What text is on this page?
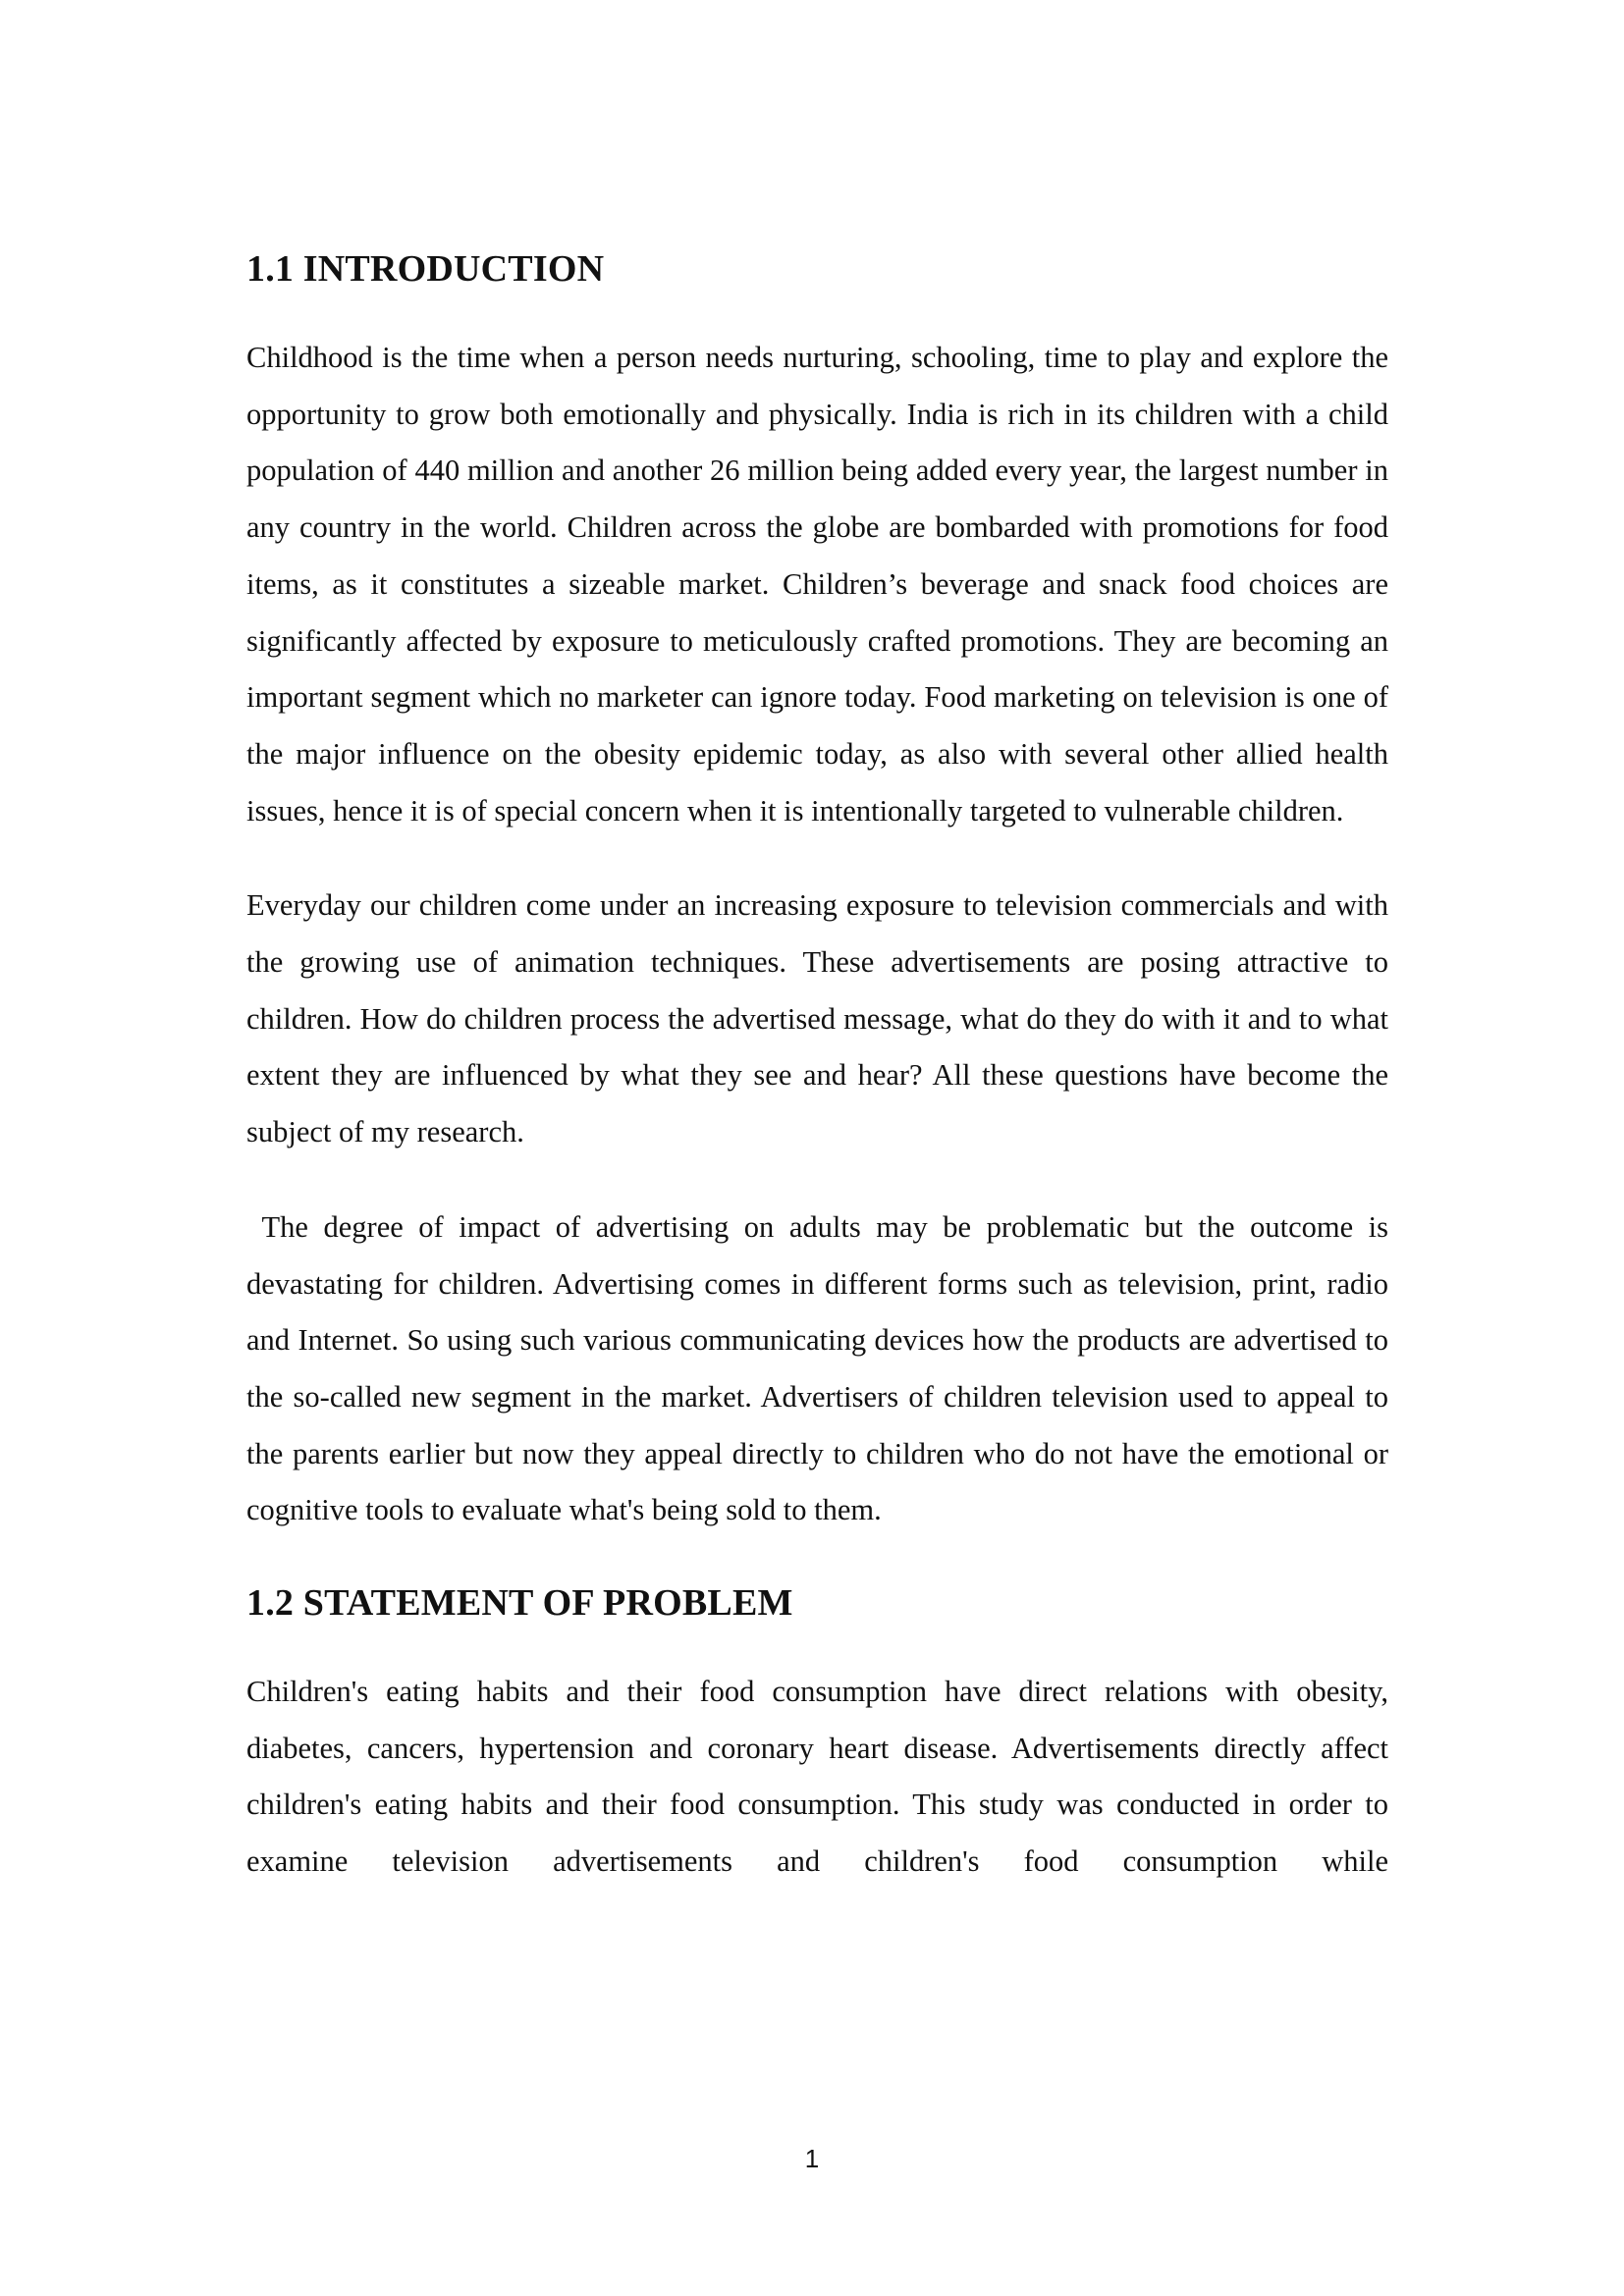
1.1 INTRODUCTION

Childhood is the time when a person needs nurturing, schooling, time to play and explore the opportunity to grow both emotionally and physically. India is rich in its children with a child population of 440 million and another 26 million being added every year, the largest number in any country in the world. Children across the globe are bombarded with promotions for food items, as it constitutes a sizeable market. Children’s beverage and snack food choices are significantly affected by exposure to meticulously crafted promotions. They are becoming an important segment which no marketer can ignore today. Food marketing on television is one of the major influence on the obesity epidemic today, as also with several other allied health issues, hence it is of special concern when it is intentionally targeted to vulnerable children.

Everyday our children come under an increasing exposure to television commercials and with the growing use of animation techniques. These advertisements are posing attractive to children. How do children process the advertised message, what do they do with it and to what extent they are influenced by what they see and hear? All these questions have become the subject of my research.

The degree of impact of advertising on adults may be problematic but the outcome is devastating for children. Advertising comes in different forms such as television, print, radio and Internet. So using such various communicating devices how the products are advertised to the so-called new segment in the market. Advertisers of children television used to appeal to the parents earlier but now they appeal directly to children who do not have the emotional or cognitive tools to evaluate what's being sold to them.

1.2 STATEMENT OF PROBLEM

Children's eating habits and their food consumption have direct relations with obesity, diabetes, cancers, hypertension and coronary heart disease. Advertisements directly affect children's eating habits and their food consumption. This study was conducted in order to examine television advertisements and children's food consumption while

1
